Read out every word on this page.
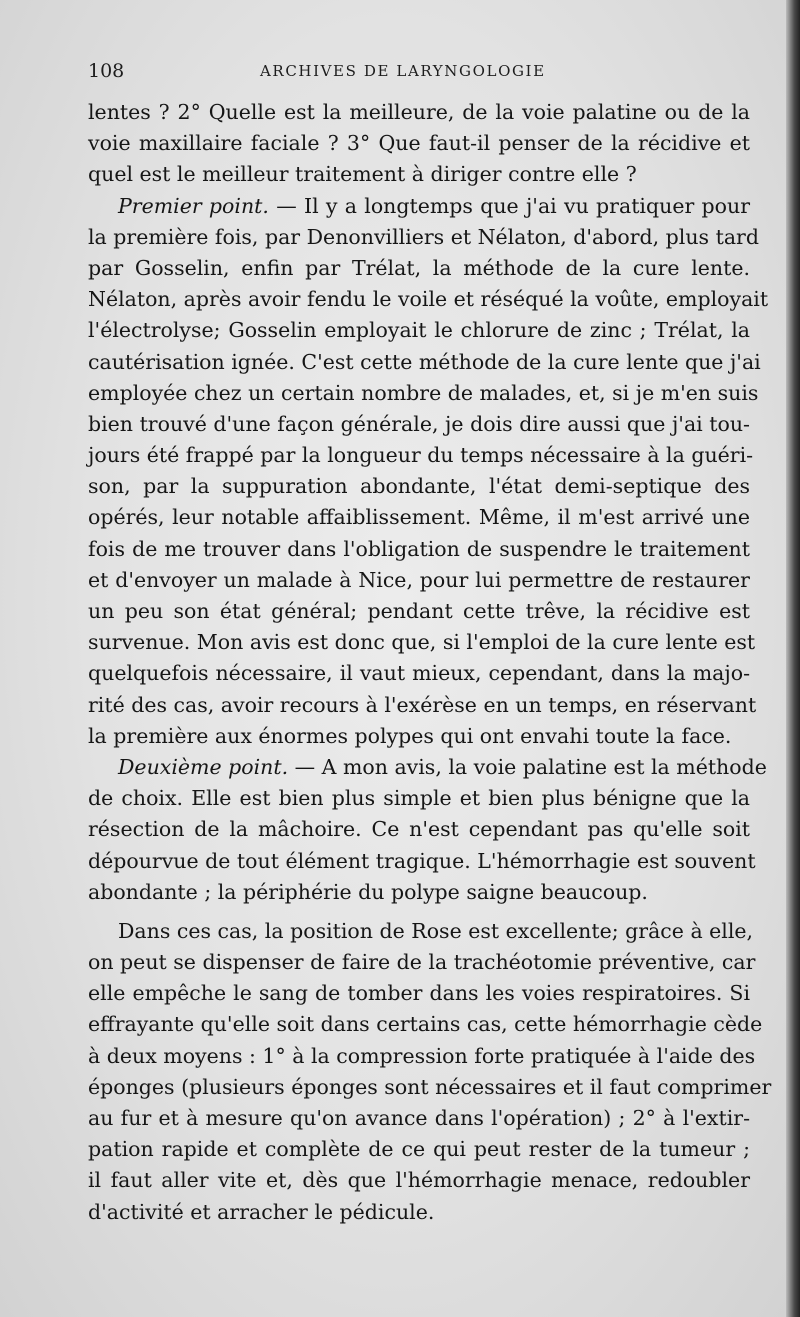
108	ARCHIVES DE LARYNGOLOGIE
lentes ? 2° Quelle est la meilleure, de la voie palatine ou de la
voie maxillaire faciale ? 3° Que faut-il penser de la récidive et
quel est le meilleur traitement à diriger contre elle ?
Premier point. — Il y a longtemps que j'ai vu pratiquer pour
la première fois, par Denonvilliers et Nélaton, d'abord, plus tard
par Gosselin, enfin par Trélat, la méthode de la cure lente.
Nélaton, après avoir fendu le voile et réséqué la voûte, employait
l'électrolyse; Gosselin employait le chlorure de zinc ; Trélat, la
cautérisation ignée. C'est cette méthode de la cure lente que j'ai
employée chez un certain nombre de malades, et, si je m'en suis
bien trouvé d'une façon générale, je dois dire aussi que j'ai tou-
jours été frappé par la longueur du temps nécessaire à la guéri-
son, par la suppuration abondante, l'état demi-septique des
opérés, leur notable affaiblissement. Même, il m'est arrivé une
fois de me trouver dans l'obligation de suspendre le traitement
et d'envoyer un malade à Nice, pour lui permettre de restaurer
un peu son état général; pendant cette trêve, la récidive est
survenue. Mon avis est donc que, si l'emploi de la cure lente est
quelquefois nécessaire, il vaut mieux, cependant, dans la majo-
rité des cas, avoir recours à l'exérèse en un temps, en réservant
la première aux énormes polypes qui ont envahi toute la face.
Deuxième point. — A mon avis, la voie palatine est la méthode
de choix. Elle est bien plus simple et bien plus bénigne que la
résection de la mâchoire. Ce n'est cependant pas qu'elle soit
dépourvue de tout élément tragique. L'hémorrhagie est souvent
abondante ; la périphérie du polype saigne beaucoup.
Dans ces cas, la position de Rose est excellente; grâce à elle,
on peut se dispenser de faire de la trachéotomie préventive, car
elle empêche le sang de tomber dans les voies respiratoires. Si
effrayante qu'elle soit dans certains cas, cette hémorrhagie cède
à deux moyens : 1° à la compression forte pratiquée à l'aide des
éponges (plusieurs éponges sont nécessaires et il faut comprimer
au fur et à mesure qu'on avance dans l'opération) ; 2° à l'extir-
pation rapide et complète de ce qui peut rester de la tumeur ;
il faut aller vite et, dès que l'hémorrhagie menace, redoubler
d'activité et arracher le pédicule.
